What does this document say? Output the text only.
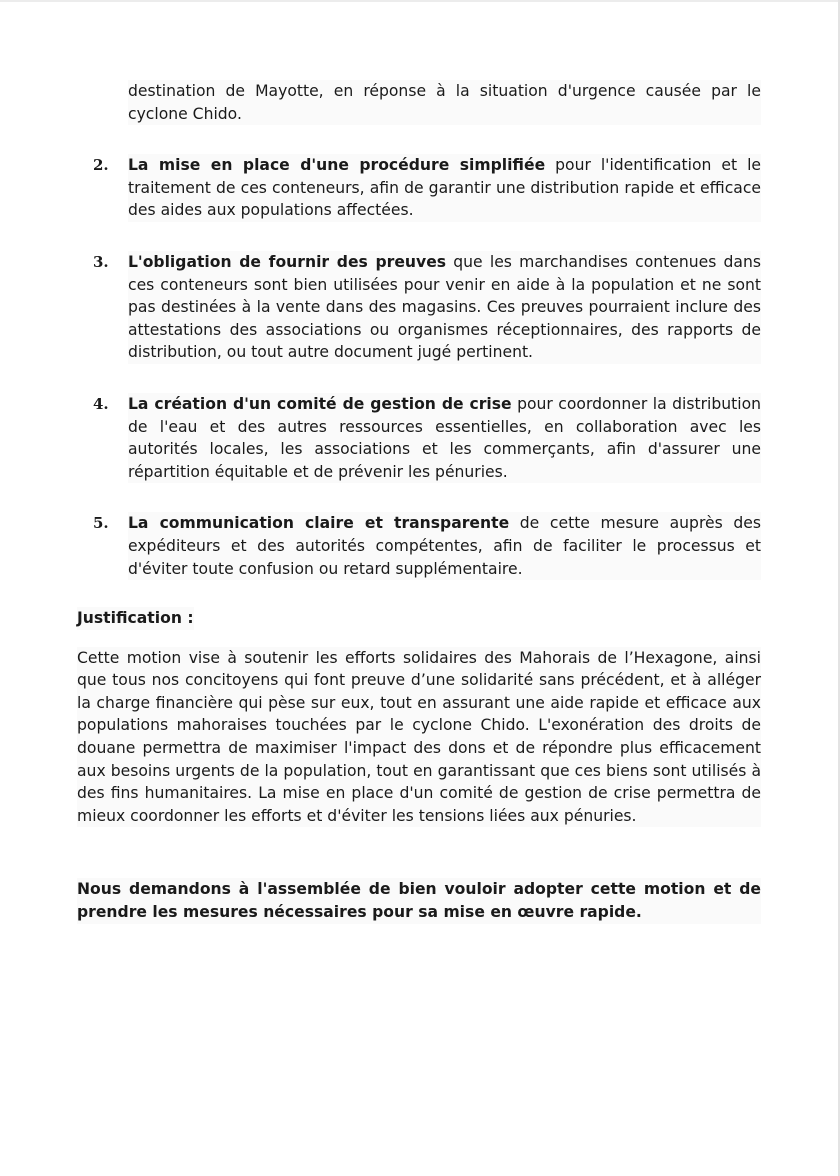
destination de Mayotte, en réponse à la situation d'urgence causée par le cyclone Chido.
2. La mise en place d'une procédure simplifiée pour l'identification et le traitement de ces conteneurs, afin de garantir une distribution rapide et efficace des aides aux populations affectées.
3. L'obligation de fournir des preuves que les marchandises contenues dans ces conteneurs sont bien utilisées pour venir en aide à la population et ne sont pas destinées à la vente dans des magasins. Ces preuves pourraient inclure des attestations des associations ou organismes réceptionnaires, des rapports de distribution, ou tout autre document jugé pertinent.
4. La création d'un comité de gestion de crise pour coordonner la distribution de l'eau et des autres ressources essentielles, en collaboration avec les autorités locales, les associations et les commerçants, afin d'assurer une répartition équitable et de prévenir les pénuries.
5. La communication claire et transparente de cette mesure auprès des expéditeurs et des autorités compétentes, afin de faciliter le processus et d'éviter toute confusion ou retard supplémentaire.
Justification :
Cette motion vise à soutenir les efforts solidaires des Mahorais de l’Hexagone, ainsi que tous nos concitoyens qui font preuve d’une solidarité sans précédent, et à alléger la charge financière qui pèse sur eux, tout en assurant une aide rapide et efficace aux populations mahoraises touchées par le cyclone Chido. L'exonération des droits de douane permettra de maximiser l'impact des dons et de répondre plus efficacement aux besoins urgents de la population, tout en garantissant que ces biens sont utilisés à des fins humanitaires. La mise en place d'un comité de gestion de crise permettra de mieux coordonner les efforts et d'éviter les tensions liées aux pénuries.
Nous demandons à l'assemblée de bien vouloir adopter cette motion et de prendre les mesures nécessaires pour sa mise en œuvre rapide.
